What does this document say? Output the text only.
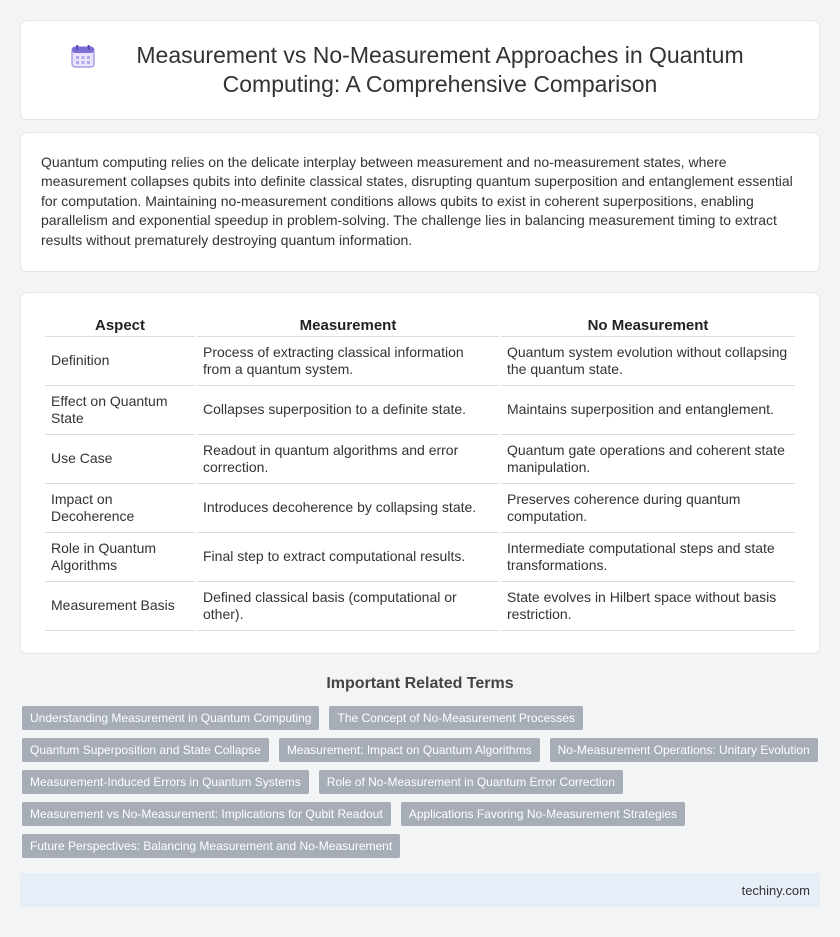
Measurement vs No-Measurement Approaches in Quantum Computing: A Comprehensive Comparison

Quantum computing relies on the delicate interplay between measurement and no-measurement states, where measurement collapses qubits into definite classical states, disrupting quantum superposition and entanglement essential for computation. Maintaining no-measurement conditions allows qubits to exist in coherent superpositions, enabling parallelism and exponential speedup in problem-solving. The challenge lies in balancing measurement timing to extract results without prematurely destroying quantum information.

Aspect	Measurement	No Measurement
Definition	Process of extracting classical information from a quantum system.	Quantum system evolution without collapsing the quantum state.
Effect on Quantum State	Collapses superposition to a definite state.	Maintains superposition and entanglement.
Use Case	Readout in quantum algorithms and error correction.	Quantum gate operations and coherent state manipulation.
Impact on Decoherence	Introduces decoherence by collapsing state.	Preserves coherence during quantum computation.
Role in Quantum Algorithms	Final step to extract computational results.	Intermediate computational steps and state transformations.
Measurement Basis	Defined classical basis (computational or other).	State evolves in Hilbert space without basis restriction.
Important Related Terms
Understanding Measurement in Quantum Computing	The Concept of No-Measurement Processes
Quantum Superposition and State Collapse	Measurement: Impact on Quantum Algorithms	No-Measurement Operations: Unitary Evolution
Measurement-Induced Errors in Quantum Systems	Role of No-Measurement in Quantum Error Correction
Measurement vs No-Measurement: Implications for Qubit Readout	Applications Favoring No-Measurement Strategies
Future Perspectives: Balancing Measurement and No-Measurement
techiny.com
